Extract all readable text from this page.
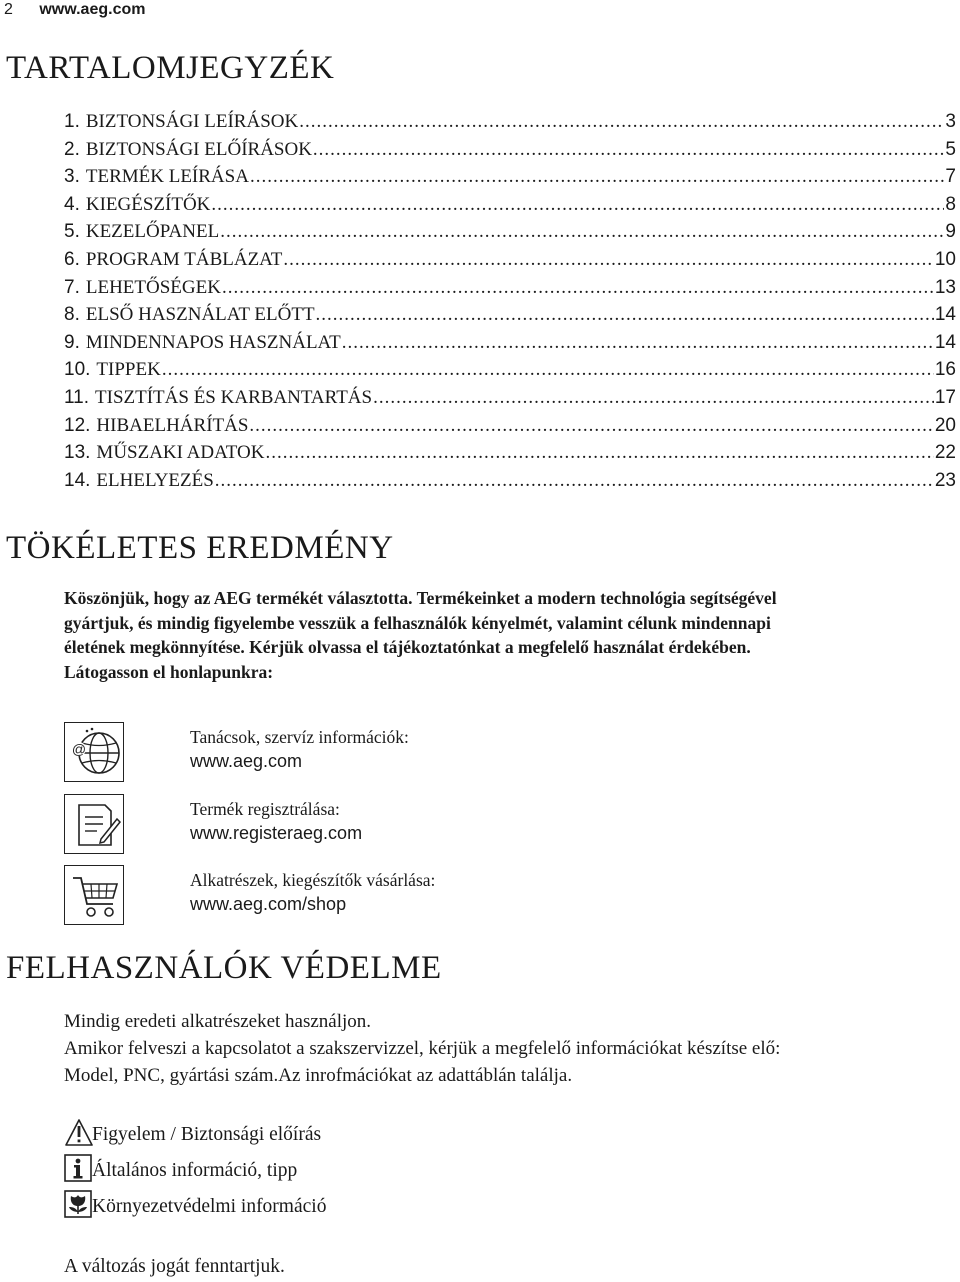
2 www.aeg.com
TARTALOMJEGYZÉK
1. BIZTONSÁGI LEÍRÁSOK .....	3
2. BIZTONSÁGI ELŐÍRÁSOK .....	5
3. TERMÉK LEÍRÁSA .....	7
4. KIEGÉSZÍTŐK .....	8
5. KEZELŐPANEL .....	9
6. PROGRAM TÁBLÁZAT .....	10
7. LEHETŐSÉGEK .....	13
8. ELSŐ HASZNÁLAT ELŐTT .....	14
9. MINDENNAPOS HASZNÁLAT .....	14
10. TIPPEK .....	16
11. TISZTÍTÁS ÉS KARBANTARTÁS .....	17
12. HIBAELHÁRÍTÁS .....	20
13. MŰSZAKI ADATOK .....	22
14. ELHELYEZÉS .....	23
TÖKÉLETES EREDMÉNY

Köszönjük, hogy az AEG termékét választotta. Termékeinket a modern technológia segítségével
gyártjuk, és mindig figyelembe vesszük a felhasználók kényelmét, valamint célunk mindennapi
életének megkönnyítése. Kérjük olvassa el tájékoztatónkat a megfelelő használat érdekében.
Látogasson el honlapunkra:

@
Tanácsok, szervíz információk:
www.aeg.com
Termék regisztrálása:
www.registeraeg.com
Alkatrészek, kiegészítők vásárlása:
www.aeg.com/shop
FELHASZNÁLÓK VÉDELME

Mindig eredeti alkatrészeket használjon.
Amikor felveszi a kapcsolatot a szakszervizzel, kérjük a megfelelő információkat készítse elő:
Model, PNC, gyártási szám.Az inrofmációkat az adattáblán találja.

Figyelem / Biztonsági előírás
Általános információ, tipp
Környezetvédelmi információ

A változás jogát fenntartjuk.
